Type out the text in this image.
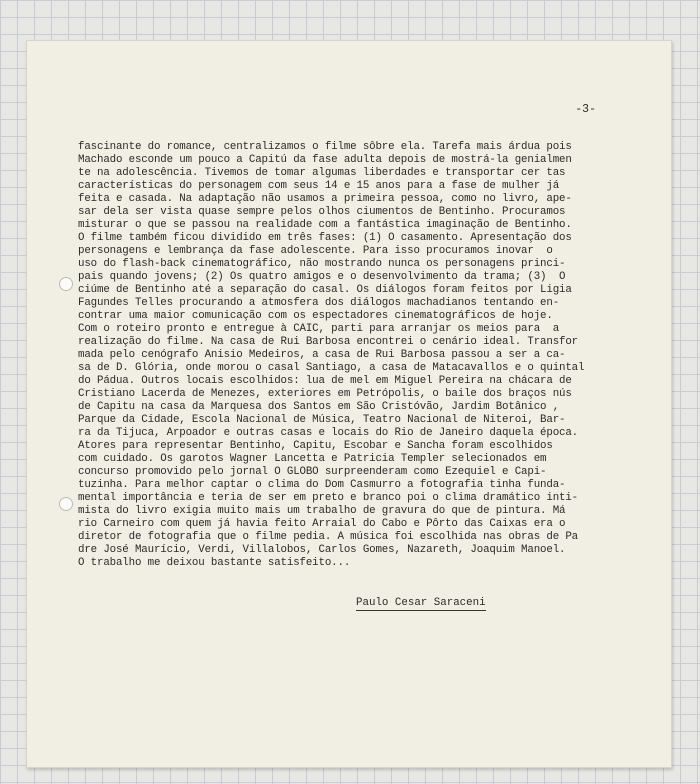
-3-
fascinante do romance, centralizamos o filme sôbre ela. Tarefa mais árdua pois
Machado esconde um pouco a Capitú da fase adulta depois de mostrá-la genialmen
te na adolescência. Tivemos de tomar algumas liberdades e transportar cer tas
características do personagem com seus 14 e 15 anos para a fase de mulher já
feita e casada. Na adaptação não usamos a primeira pessoa, como no livro, ape-
sar dela ser vista quase sempre pelos olhos ciumentos de Bentinho. Procuramos
misturar o que se passou na realidade com a fantástica imaginação de Bentinho.
O filme também ficou dividido em três fases: (1) O casamento. Apresentação dos
personagens e lembrança da fase adolescente. Para isso procuramos inovar  o
uso do flash-back cinematográfico, não mostrando nunca os personagens princi-
pais quando jovens; (2) Os quatro amigos e o desenvolvimento da trama; (3)  O
ciúme de Bentinho até a separação do casal. Os diálogos foram feitos por Ligia
Fagundes Telles procurando a atmosfera dos diálogos machadianos tentando en-
contrar uma maior comunicação com os espectadores cinematográficos de hoje.
Com o roteiro pronto e entregue à CAIC, parti para arranjar os meios para  a
realização do filme. Na casa de Rui Barbosa encontrei o cenário ideal. Transfor
mada pelo cenógrafo Anisio Medeiros, a casa de Rui Barbosa passou a ser a ca-
sa de D. Glória, onde morou o casal Santiago, a casa de Matacavallos e o quintal
do Pádua. Outros locais escolhidos: lua de mel em Miguel Pereira na chácara de
Cristiano Lacerda de Menezes, exteriores em Petrópolis, o baile dos braços nús
de Capitu na casa da Marquesa dos Santos em São Cristóvão, Jardim Botânico ,
Parque da Cidade, Escola Nacional de Música, Teatro Nacional de Niteroi, Bar-
ra da Tijuca, Arpoador e outras casas e locais do Rio de Janeiro daquela época.
Atores para representar Bentinho, Capitu, Escobar e Sancha foram escolhidos
com cuidado. Os garotos Wagner Lancetta e Patricia Templer selecionados em
concurso promovido pelo jornal O GLOBO surpreenderam como Ezequiel e Capi-
tuzinha. Para melhor captar o clima do Dom Casmurro a fotografia tinha funda-
mental importância e teria de ser em preto e branco poi o clima dramático inti-
mista do livro exigia muito mais um trabalho de gravura do que de pintura. Má
rio Carneiro com quem já havia feito Arraial do Cabo e Pôrto das Caixas era o
diretor de fotografia que o filme pedia. A música foi escolhida nas obras de Pa
dre José Maurício, Verdi, Villalobos, Carlos Gomes, Nazareth, Joaquim Manoel.
O trabalho me deixou bastante satisfeito...
Paulo Cesar Saraceni
